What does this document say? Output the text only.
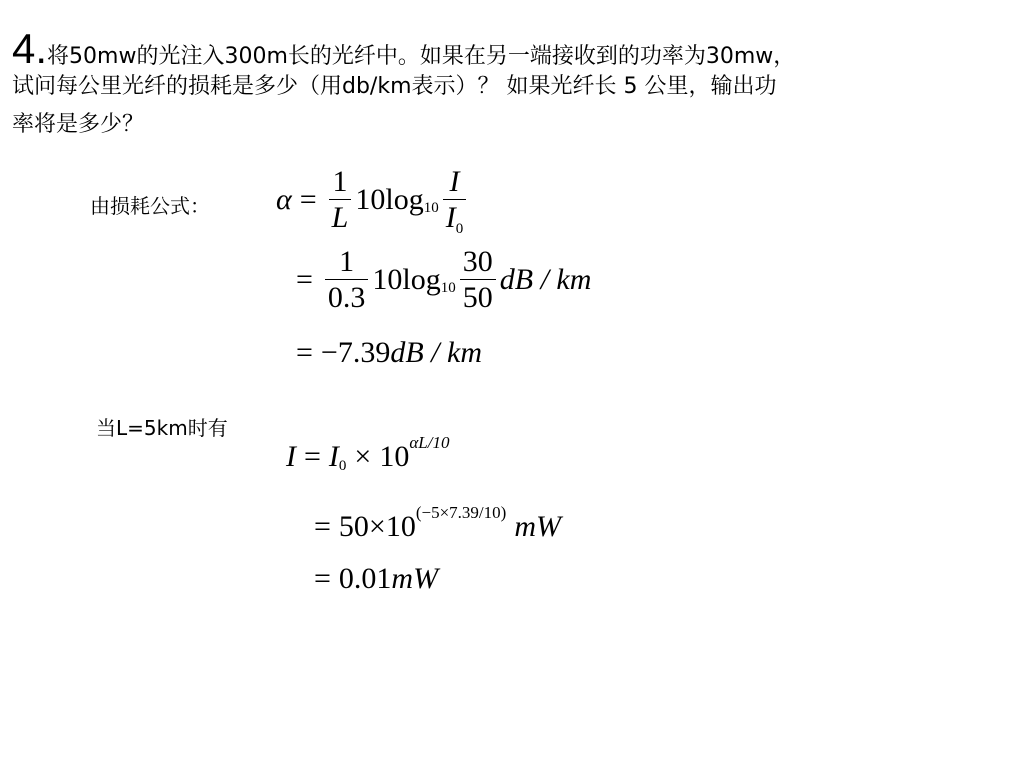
4.将50mw的光注入300m长的光纤中。如果在另一端接收到的功率为30mw，
试问每公里光纤的损耗是多少（用db/km表示）？ 如果光纤长 5 公里，输出功
率将是多少？
由损耗公式： $\alpha = \frac{1}{L} 10\log$ $10 \frac{I}{I_0}$
= $\frac{1}{0.3} 10\log$ $10 \frac{30}{50}$ dB / km
= −7.39 dB / km
当L=5km时有
I = I 0 × 10 αL/10
= 50 × 10 (−5×7.39/10) mW
= 0.01 mW
